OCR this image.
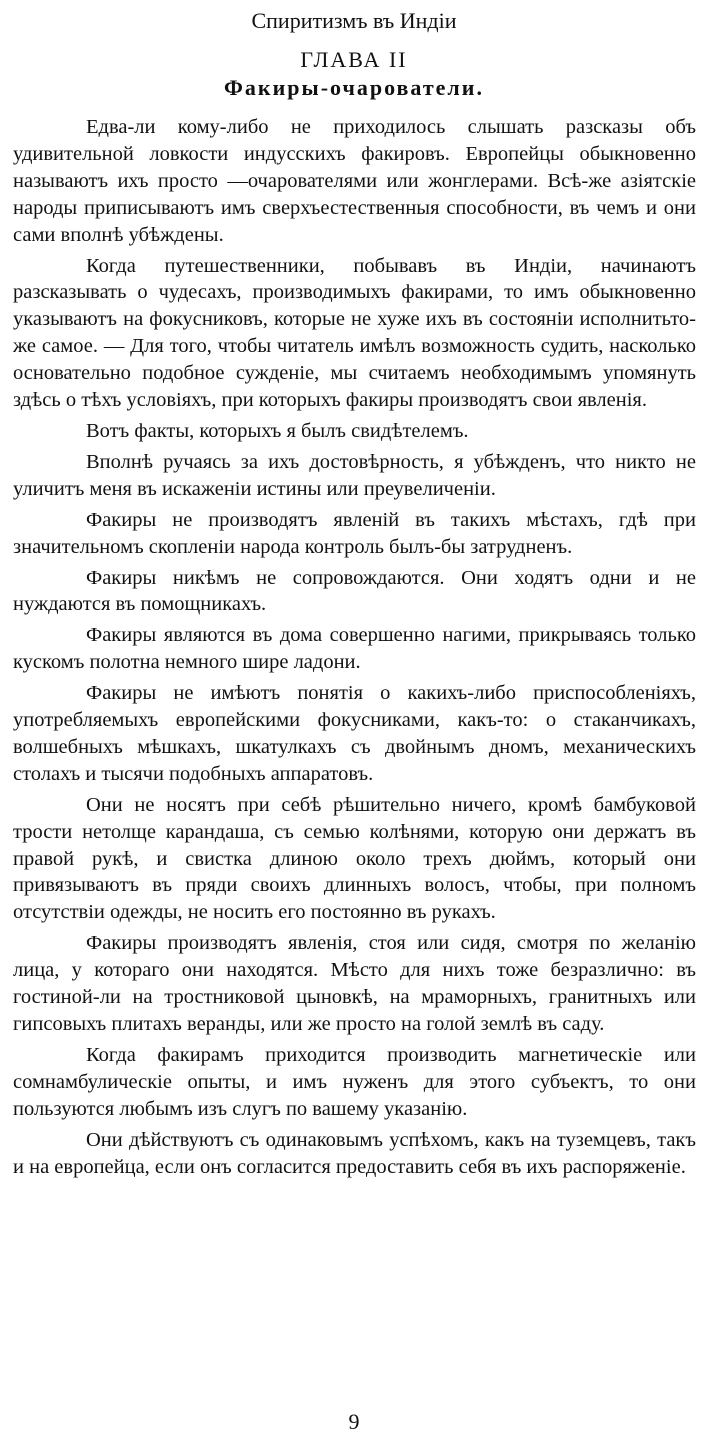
Спиритизмъ въ Индіи
ГЛАВА II
Факиры-очарователи.

Едва-ли кому-либо не приходилось слышать разсказы объ удивительной ловкости индусскихъ факировъ. Европейцы обыкновенно называютъ ихъ просто —очарователями или жонглерами. Всѣ-же азіятскіе народы приписываютъ имъ сверхъестественныя способности, въ чемъ и они сами вполнѣ убѣждены.

Когда путешественники, побывавъ въ Индіи, начинаютъ разсказывать о чудесахъ, производимыхъ факирами, то имъ обыкновенно указываютъ на фокусниковъ, которые не хуже ихъ въ состояніи исполнитьто-же самое. — Для того, чтобы читатель имѣлъ возможность судить, насколько основательно подобное сужденіе, мы считаемъ необходимымъ упомянуть здѣсь о тѣхъ условіяхъ, при которыхъ факиры производятъ свои явленія.

Вотъ факты, которыхъ я былъ свидѣтелемъ.

Вполнѣ ручаясь за ихъ достовѣрность, я убѣжденъ, что никто не уличитъ меня въ искаженіи истины или преувеличеніи.

Факиры не производятъ явленій въ такихъ мѣстахъ, гдѣ при значительномъ скопленіи народа контроль былъ-бы затрудненъ.

Факиры никѣмъ не сопровождаются. Они ходятъ одни и не нуждаются въ помощникахъ.

Факиры являются въ дома совершенно нагими, прикрываясь только кускомъ полотна немного шире ладони.

Факиры не имѣютъ понятія о какихъ-либо приспособленіяхъ, употребляемыхъ европейскими фокусниками, какъ-то: о стаканчикахъ, волшебныхъ мѣшкахъ, шкатулкахъ съ двойнымъ дномъ, механическихъ столахъ и тысячи подобныхъ аппаратовъ.

Они не носятъ при себѣ рѣшительно ничего, кромѣ бамбуковой трости нетолще карандаша, съ семью колѣнями, которую они держатъ въ правой рукѣ, и свистка длиною около трехъ дюймъ, который они привязываютъ въ пряди своихъ длинныхъ волосъ, чтобы, при полномъ отсутствіи одежды, не носить его постоянно въ рукахъ.

Факиры производятъ явленія, стоя или сидя, смотря по желанію лица, у котораго они находятся. Мѣсто для нихъ тоже безразлично: въ гостиной-ли на тростниковой цыновкѣ, на мраморныхъ, гранитныхъ или гипсовыхъ плитахъ веранды, или же просто на голой землѣ въ саду.

Когда факирамъ приходится производить магнетическіе или сомнамбулическіе опыты, и имъ нуженъ для этого субъектъ, то они пользуются любымъ изъ слугъ по вашему указанію.

Они дѣйствуютъ съ одинаковымъ успѣхомъ, какъ на туземцевъ, такъ и на европейца, если онъ согласится предоставить себя въ ихъ распоряженіе.

9
